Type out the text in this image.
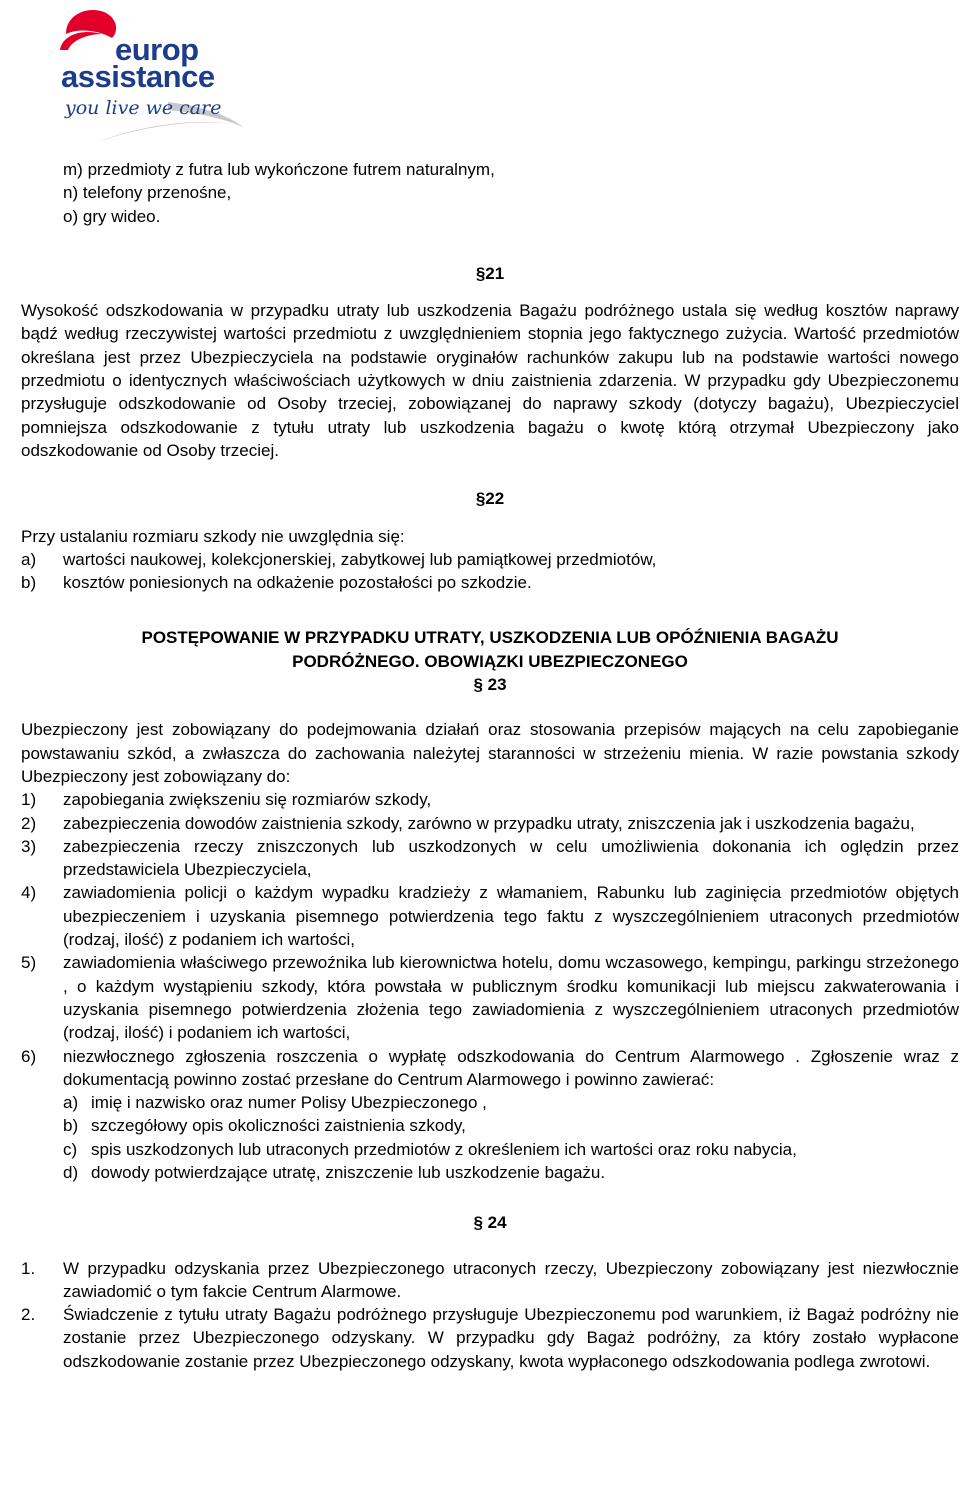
europ
assistance
you live we care

m) przedmioty z futra lub wykończone futrem naturalnym,

n) telefony przenośne,

o) gry wideo.

§21

Wysokość odszkodowania w przypadku utraty lub uszkodzenia Bagażu podróżnego ustala się według kosztów naprawy bądź według rzeczywistej wartości przedmiotu z uwzględnieniem stopnia jego faktycznego zużycia. Wartość przedmiotów określana jest przez Ubezpieczyciela na podstawie oryginałów rachunków zakupu lub na podstawie wartości nowego przedmiotu o identycznych właściwościach użytkowych w dniu zaistnienia zdarzenia. W przypadku gdy Ubezpieczonemu przysługuje odszkodowanie od Osoby trzeciej, zobowiązanej do naprawy szkody (dotyczy bagażu), Ubezpieczyciel pomniejsza odszkodowanie z tytułu utraty lub uszkodzenia bagażu o kwotę którą otrzymał Ubezpieczony jako odszkodowanie od Osoby trzeciej.

§22

Przy ustalaniu rozmiaru szkody nie uwzględnia się:

a) wartości naukowej, kolekcjonerskiej, zabytkowej lub pamiątkowej przedmiotów,
b) kosztów poniesionych na odkażenie pozostałości po szkodzie.

POSTĘPOWANIE W PRZYPADKU UTRATY, USZKODZENIA LUB OPÓŹNIENIA BAGAŻU

PODRÓŻNEGO. OBOWIĄZKI UBEZPIECZONEGO

§ 23

Ubezpieczony jest zobowiązany do podejmowania działań oraz stosowania przepisów mających na celu zapobieganie powstawaniu szkód, a zwłaszcza do zachowania należytej staranności w strzeżeniu mienia. W razie powstania szkody Ubezpieczony jest zobowiązany do:

1) zapobiegania zwiększeniu się rozmiarów szkody,
2) zabezpieczenia dowodów zaistnienia szkody, zarówno w przypadku utraty, zniszczenia jak i uszkodzenia bagażu,
3) zabezpieczenia rzeczy zniszczonych lub uszkodzonych w celu umożliwienia dokonania ich oględzin przez przedstawiciela Ubezpieczyciela,
4) zawiadomienia policji o każdym wypadku kradzieży z włamaniem, Rabunku lub zaginięcia przedmiotów objętych ubezpieczeniem i uzyskania pisemnego potwierdzenia tego faktu z wyszczególnieniem utraconych przedmiotów (rodzaj, ilość) z podaniem ich wartości,
5) zawiadomienia właściwego przewoźnika lub kierownictwa hotelu, domu wczasowego, kempingu, parkingu strzeżonego , o każdym wystąpieniu szkody, która powstała w publicznym środku komunikacji lub miejscu zakwaterowania i uzyskania pisemnego potwierdzenia złożenia tego zawiadomienia z wyszczególnieniem utraconych przedmiotów (rodzaj, ilość) i podaniem ich wartości,
6) niezwłocznego zgłoszenia roszczenia o wypłatę odszkodowania do Centrum Alarmowego . Zgłoszenie wraz z dokumentacją powinno zostać przesłane do Centrum Alarmowego i powinno zawierać:
a) imię i nazwisko oraz numer Polisy Ubezpieczonego ,
b) szczegółowy opis okoliczności zaistnienia szkody,
c) spis uszkodzonych lub utraconych przedmiotów z określeniem ich wartości oraz roku nabycia,
d) dowody potwierdzające utratę, zniszczenie lub uszkodzenie bagażu.

§ 24

1. W przypadku odzyskania przez Ubezpieczonego utraconych rzeczy, Ubezpieczony zobowiązany jest niezwłocznie zawiadomić o tym fakcie Centrum Alarmowe.
2. Świadczenie z tytułu utraty Bagażu podróżnego przysługuje Ubezpieczonemu pod warunkiem, iż Bagaż podróżny nie zostanie przez Ubezpieczonego odzyskany. W przypadku gdy Bagaż podróżny, za który zostało wypłacone odszkodowanie zostanie przez Ubezpieczonego odzyskany, kwota wypłaconego odszkodowania podlega zwrotowi.
